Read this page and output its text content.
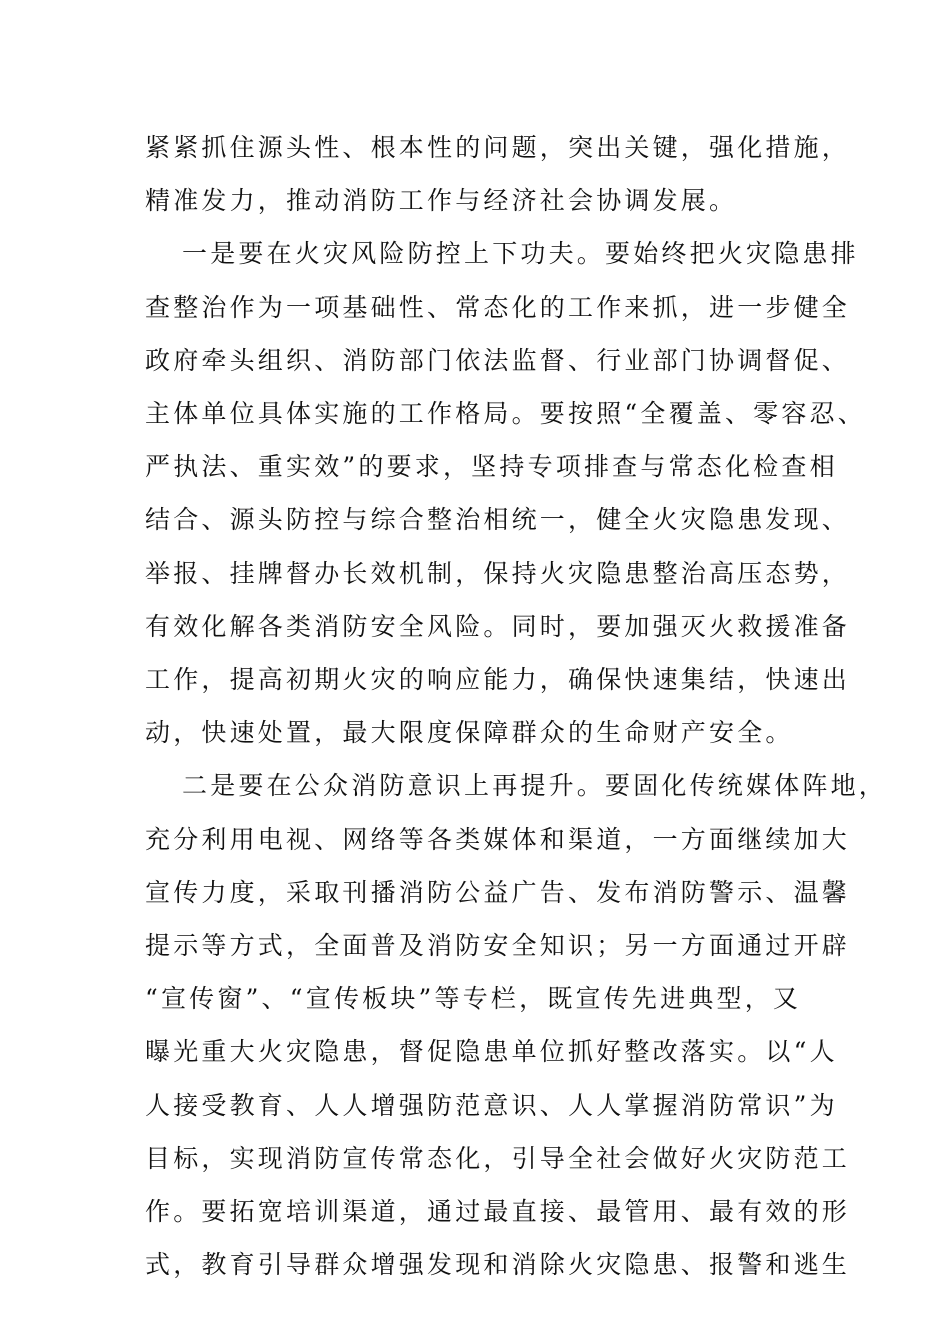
紧紧抓住源头性、根本性的问题，突出关键，强化措施，
精准发力，推动消防工作与经济社会协调发展。
一是要在火灾风险防控上下功夫。要始终把火灾隐患排
查整治作为一项基础性、常态化的工作来抓，进一步健全
政府牵头组织、消防部门依法监督、行业部门协调督促、
主体单位具体实施的工作格局。要按照“全覆盖、零容忍、
严执法、重实效”的要求，坚持专项排查与常态化检查相
结合、源头防控与综合整治相统一，健全火灾隐患发现、
举报、挂牌督办长效机制，保持火灾隐患整治高压态势，
有效化解各类消防安全风险。同时，要加强灭火救援准备
工作，提高初期火灾的响应能力，确保快速集结，快速出
动，快速处置，最大限度保障群众的生命财产安全。
二是要在公众消防意识上再提升。要固化传统媒体阵地，
充分利用电视、网络等各类媒体和渠道，一方面继续加大
宣传力度，采取刊播消防公益广告、发布消防警示、温馨
提示等方式，全面普及消防安全知识；另一方面通过开辟
“宣传窗”、“宣传板块”等专栏，既宣传先进典型，又
曝光重大火灾隐患，督促隐患单位抓好整改落实。以“人
人接受教育、人人增强防范意识、人人掌握消防常识”为
目标，实现消防宣传常态化，引导全社会做好火灾防范工
作。要拓宽培训渠道，通过最直接、最管用、最有效的形
式，教育引导群众增强发现和消除火灾隐患、报警和逃生
